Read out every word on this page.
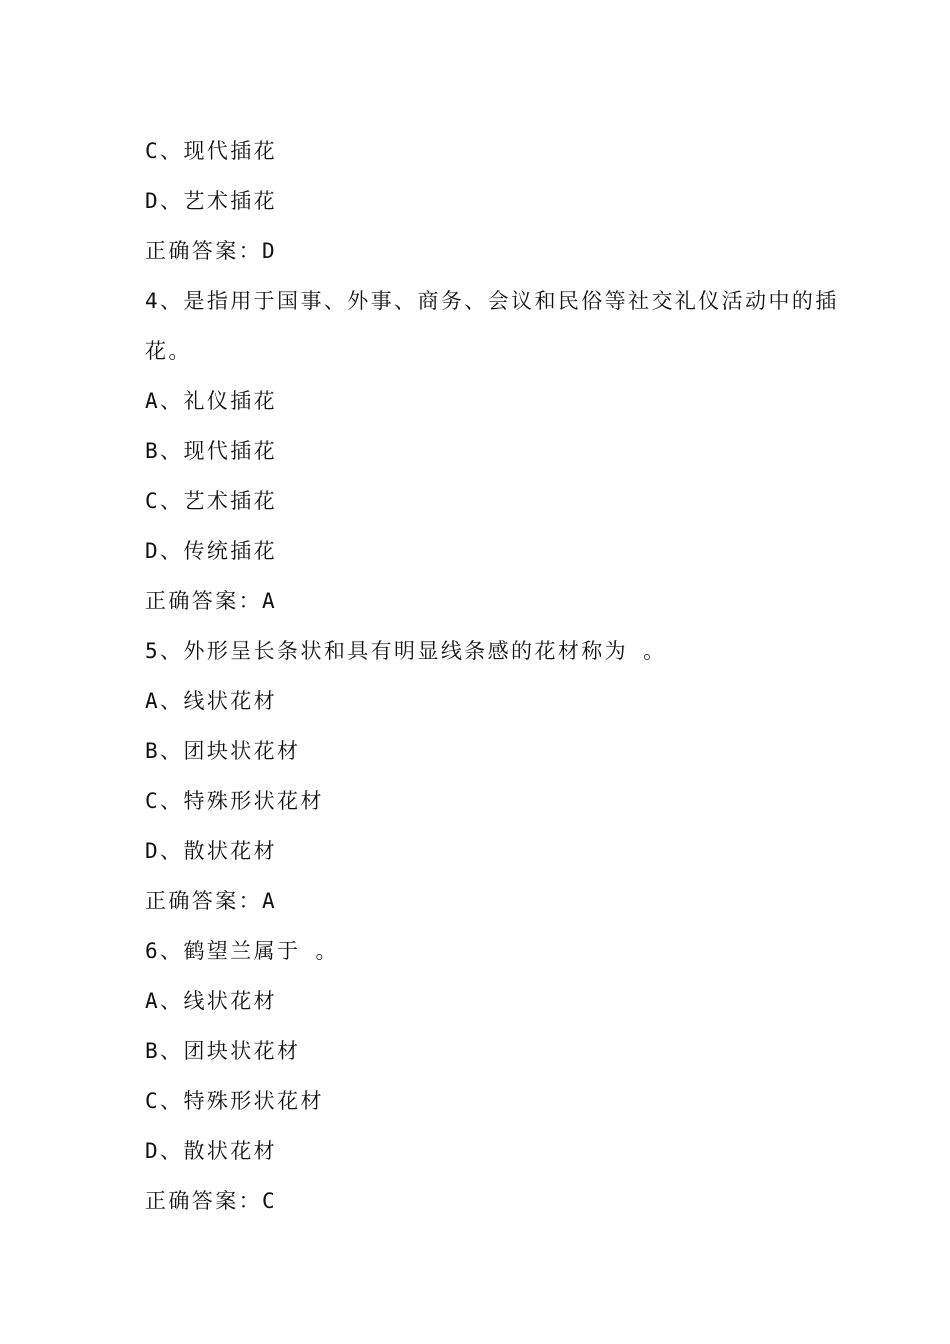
C、现代插花
D、艺术插花
正确答案：D
4、是指用于国事、外事、商务、会议和民俗等社交礼仪活动中的插
花。
A、礼仪插花
B、现代插花
C、艺术插花
D、传统插花
正确答案：A
5、外形呈长条状和具有明显线条感的花材称为 。
A、线状花材
B、团块状花材
C、特殊形状花材
D、散状花材
正确答案：A
6、鹤望兰属于 。
A、线状花材
B、团块状花材
C、特殊形状花材
D、散状花材
正确答案：C
